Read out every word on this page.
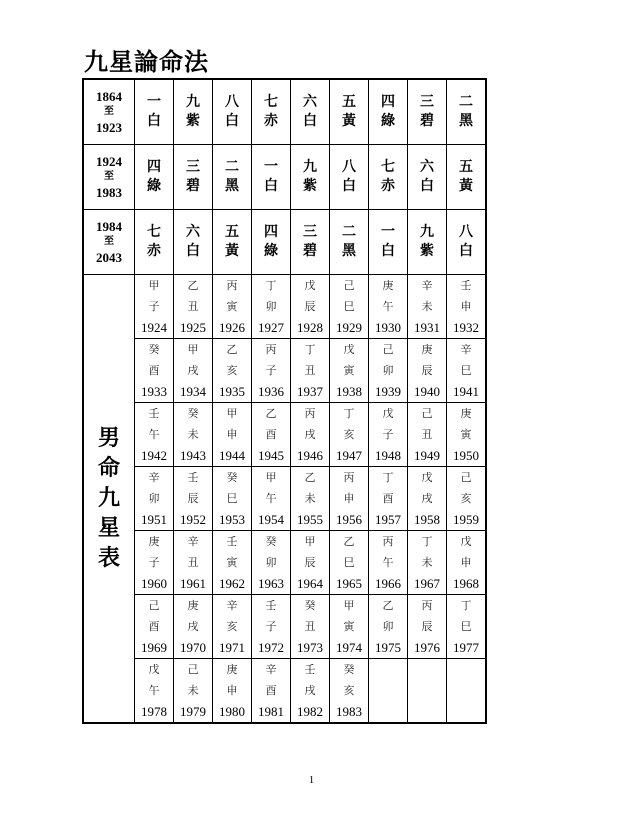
九星論命法
1864
至
1923	一白	九紫	八白	七赤	六白	五黃	四綠	三碧	二黑

1924
至
1983	四綠	三碧	二黑	一白	九紫	八白	七赤	六白	五黃

1984
至
2043	七赤	六白	五黃	四綠	三碧	二黑	一白	九紫	八白

男命九星表	甲
子
1924	乙
丑
1925	丙
寅
1926	丁
卯
1927	戊
辰
1928	己
巳
1929	庚
午
1930	辛
未
1931	壬
申
1932

	癸
酉
1933	甲
戌
1934	乙
亥
1935	丙
子
1936	丁
丑
1937	戊
寅
1938	己
卯
1939	庚
辰
1940	辛
巳
1941

	壬
午
1942	癸
未
1943	甲
申
1944	乙
酉
1945	丙
戌
1946	丁
亥
1947	戊
子
1948	己
丑
1949	庚
寅
1950

	辛
卯
1951	壬
辰
1952	癸
巳
1953	甲
午
1954	乙
未
1955	丙
申
1956	丁
酉
1957	戊
戌
1958	己
亥
1959

	庚
子
1960	辛
丑
1961	壬
寅
1962	癸
卯
1963	甲
辰
1964	乙
巳
1965	丙
午
1966	丁
未
1967	戊
申
1968

	己
酉
1969	庚
戌
1970	辛
亥
1971	壬
子
1972	癸
丑
1973	甲
寅
1974	乙
卯
1975	丙
辰
1976	丁
巳
1977

	戊
午
1978	己
未
1979	庚
申
1980	辛
酉
1981	壬
戌
1982	癸
亥
1983			

1
